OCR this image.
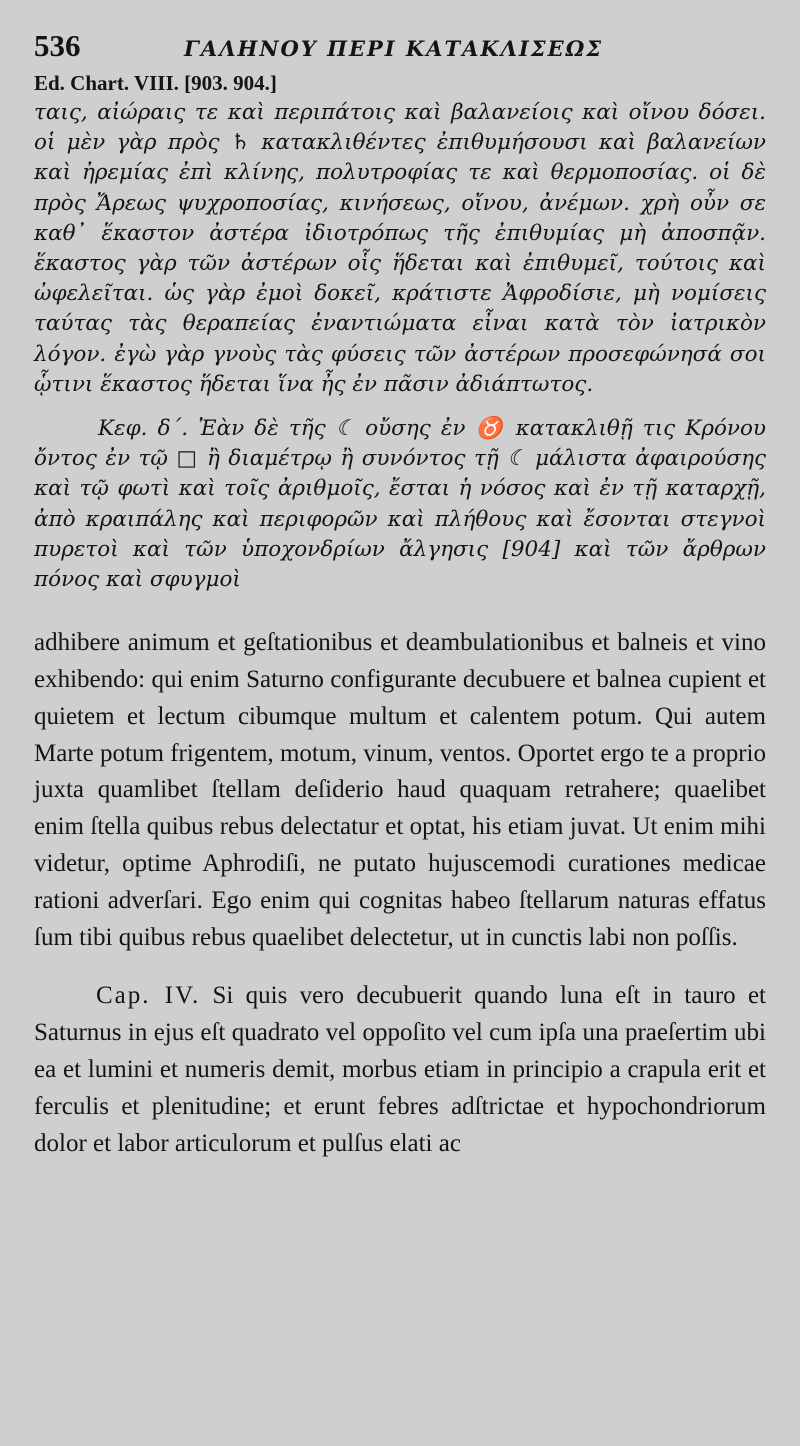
536	ΓΑΛΗΝΟΥ ΠΕΡΙ ΚΑΤΑΚΛΙΣΕΩΣ
Ed. Chart. VIII. [903. 904.]

ταις, αἰώραις τε καὶ περιπάτοις καὶ βαλανείοις καὶ οἴνου δόσει. οἱ μὲν γὰρ πρὸς ♄ κατακλιθέντες ἐπιθυμήσουσι καὶ βαλανείων καὶ ἠρεμίας ἐπὶ κλίνης, πολυτροφίας τε καὶ θερμοποσίας. οἱ δὲ πρὸς Ἄρεως ψυχροποσίας, κινήσεως, οἴνου, ἀνέμων. χρὴ οὖν σε καθ᾽ ἕκαστον ἀστέρα ἰδιοτρόπως τῆς ἐπιθυμίας μὴ ἀποσπᾷν. ἕκαστος γὰρ τῶν ἀστέρων οἷς ἥδεται καὶ ἐπιθυμεῖ, τούτοις καὶ ὠφελεῖται. ὡς γὰρ ἐμοὶ δοκεῖ, κράτιστε Ἀφροδίσιε, μὴ νομίσεις ταύτας τὰς θεραπείας ἐναντιώματα εἶναι κατὰ τὸν ἰατρικὸν λόγον. ἐγὼ γὰρ γνοὺς τὰς φύσεις τῶν ἀστέρων προσεφώνησά σοι ᾧτινι ἕκαστος ἥδεται ἵνα ἦς ἐν πᾶσιν ἀδιάπτωτος.

Κεφ. δ΄. Ἐὰν δὲ τῆς ☾ οὔσης ἐν ♉ κατακλιθῇ τις Κρόνου ὄντος ἐν τῷ □ ἢ διαμέτρῳ ἢ συνόντος τῇ ☾ μάλιστα ἀφαιρούσης καὶ τῷ φωτὶ καὶ τοῖς ἀριθμοῖς, ἔσται ἡ νόσος καὶ ἐν τῇ καταρχῇ, ἀπὸ κραιπάλης καὶ περιφορῶν καὶ πλήθους καὶ ἔσονται στεγνοὶ πυρετοὶ καὶ τῶν ὑποχονδρίων ἄλγησις [904] καὶ τῶν ἄρθρων πόνος καὶ σφυγμοὶ

adhibere animum et geſtationibus et deambulationibus et balneis et vino exhibendo: qui enim Saturno configurante decubuere et balnea cupient et quietem et lectum cibumque multum et calentem potum. Qui autem Marte potum frigentem, motum, vinum, ventos. Oportet ergo te a proprio juxta quamlibet ſtellam deſiderio haud quaquam retrahere; quaelibet enim ſtella quibus rebus delectatur et optat, his etiam juvat. Ut enim mihi videtur, optime Aphrodiſi, ne putato hujuscemodi curationes medicae rationi adverſari. Ego enim qui cognitas habeo ſtellarum naturas effatus ſum tibi quibus rebus quaelibet delectetur, ut in cunctis labi non poſſis.

Cap. IV. Si quis vero decubuerit quando luna eſt in tauro et Saturnus in ejus eſt quadrato vel oppoſito vel cum ipſa una praeſertim ubi ea et lumini et numeris demit, morbus etiam in principio a crapula erit et ferculis et plenitudine; et erunt febres adſtrictae et hypochondriorum dolor et labor articulorum et pulſus elati ac
